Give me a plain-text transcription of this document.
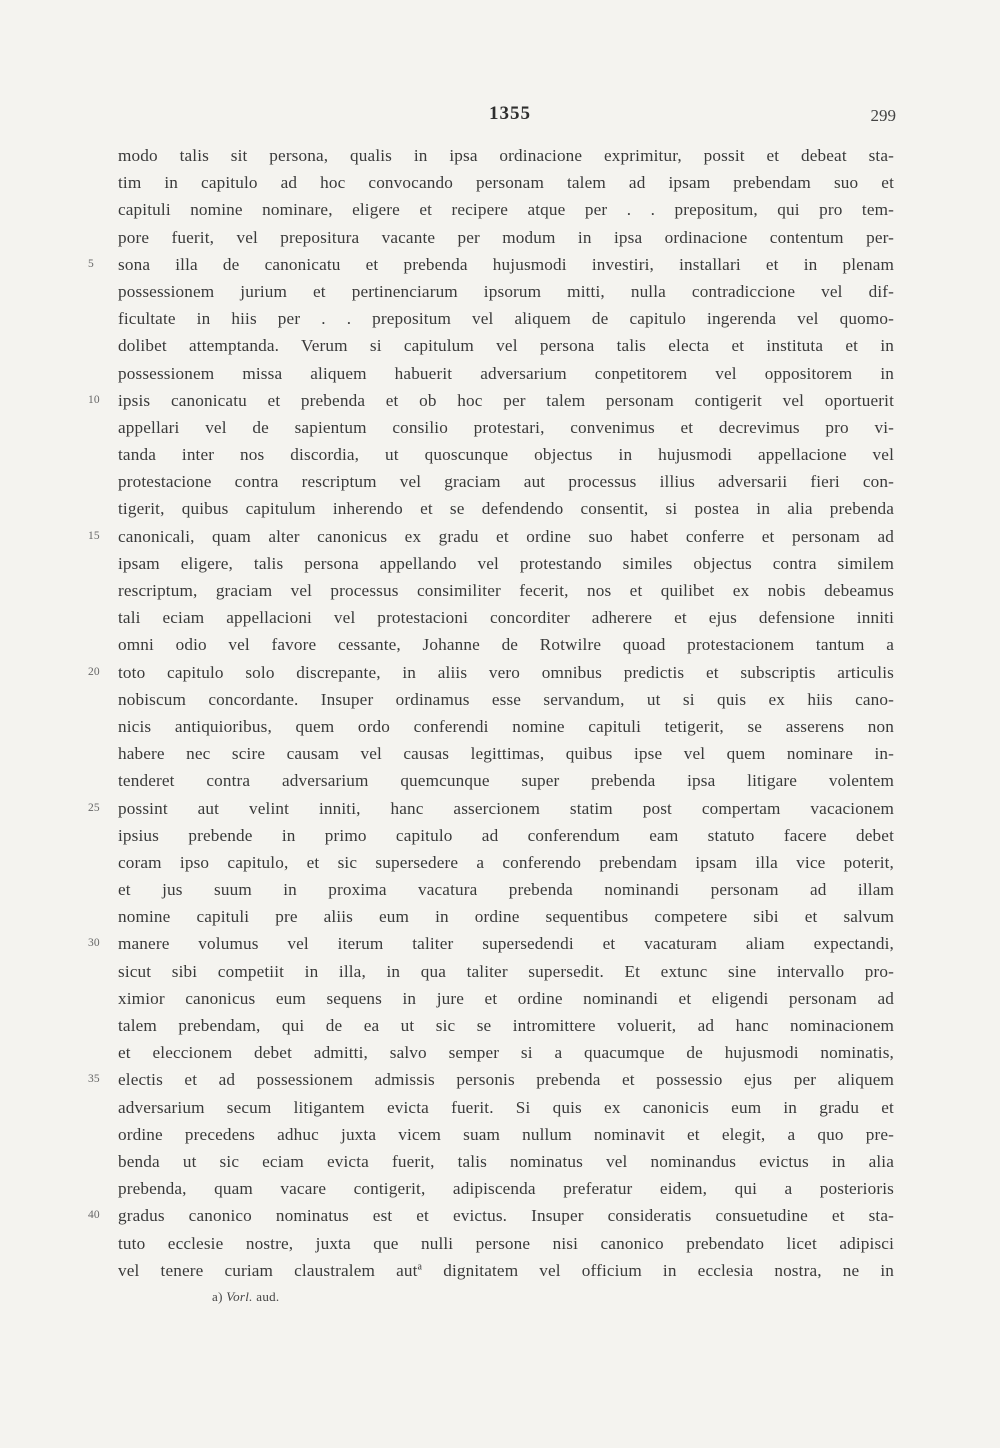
1355	299
modo talis sit persona, qualis in ipsa ordinacione exprimitur, possit et debeat sta-
tim in capitulo ad hoc convocando personam talem ad ipsam prebendam suo et
capituli nomine nominare, eligere et recipere atque per . . prepositum, qui pro tem-
pore fuerit, vel prepositura vacante per modum in ipsa ordinacione contentum per-
5	sona illa de canonicatu et prebenda hujusmodi investiri, installari et in plenam
possessionem jurium et pertinenciarum ipsorum mitti, nulla contradiccione vel dif-
ficultate in hiis per . . prepositum vel aliquem de capitulo ingerenda vel quomo-
dolibet attemptanda. Verum si capitulum vel persona talis electa et instituta et in
possessionem missa aliquem habuerit adversarium conpetitorem vel oppositorem in
10	ipsis canonicatu et prebenda et ob hoc per talem personam contigerit vel oportuerit
appellari vel de sapientum consilio protestari, convenimus et decrevimus pro vi-
tanda inter nos discordia, ut quoscunque objectus in hujusmodi appellacione vel
protestacione contra rescriptum vel graciam aut processus illius adversarii fieri con-
tigerit, quibus capitulum inherendo et se defendendo consentit, si postea in alia prebenda
15	canonicali, quam alter canonicus ex gradu et ordine suo habet conferre et personam ad
ipsam eligere, talis persona appellando vel protestando similes objectus contra similem
rescriptum, graciam vel processus consimiliter fecerit, nos et quilibet ex nobis debeamus
tali eciam appellacioni vel protestacioni concorditer adherere et ejus defensione inniti
omni odio vel favore cessante, Johanne de Rotwilre quoad protestacionem tantum a
20	toto capitulo solo discrepante, in aliis vero omnibus predictis et subscriptis articulis
nobiscum concordante. Insuper ordinamus esse servandum, ut si quis ex hiis cano-
nicis antiquioribus, quem ordo conferendi nomine capituli tetigerit, se asserens non
habere nec scire causam vel causas legittimas, quibus ipse vel quem nominare in-
tenderet contra adversarium quemcunque super prebenda ipsa litigare volentem
25	possint aut velint inniti, hanc assercionem statim post compertam vacacionem
ipsius prebende in primo capitulo ad conferendum eam statuto facere debet
coram ipso capitulo, et sic supersedere a conferendo prebendam ipsam illa vice poterit,
et jus suum in proxima vacatura prebenda nominandi personam ad illam
nomine capituli pre aliis eum in ordine sequentibus competere sibi et salvum
30	manere volumus vel iterum taliter supersedendi et vacaturam aliam expectandi,
sicut sibi competiit in illa, in qua taliter supersedit. Et extunc sine intervallo pro-
ximior canonicus eum sequens in jure et ordine nominandi et eligendi personam ad
talem prebendam, qui de ea ut sic se intromittere voluerit, ad hanc nominacionem
et eleccionem debet admitti, salvo semper si a quacumque de hujusmodi nominatis,
35	electis et ad possessionem admissis personis prebenda et possessio ejus per aliquem
adversarium secum litigantem evicta fuerit. Si quis ex canonicis eum in gradu et
ordine precedens adhuc juxta vicem suam nullum nominavit et elegit, a quo pre-
benda ut sic eciam evicta fuerit, talis nominatus vel nominandus evictus in alia
prebenda, quam vacare contigerit, adipiscenda preferatur eidem, qui a posterioris
40	gradus canonico nominatus est et evictus. Insuper consideratis consuetudine et sta-
tuto ecclesie nostre, juxta que nulli persone nisi canonico prebendato licet adipisci
vel tenere curiam claustralem aut$^a$ dignitatem vel officium in ecclesia nostra, ne in
a) Vorl. aud.
